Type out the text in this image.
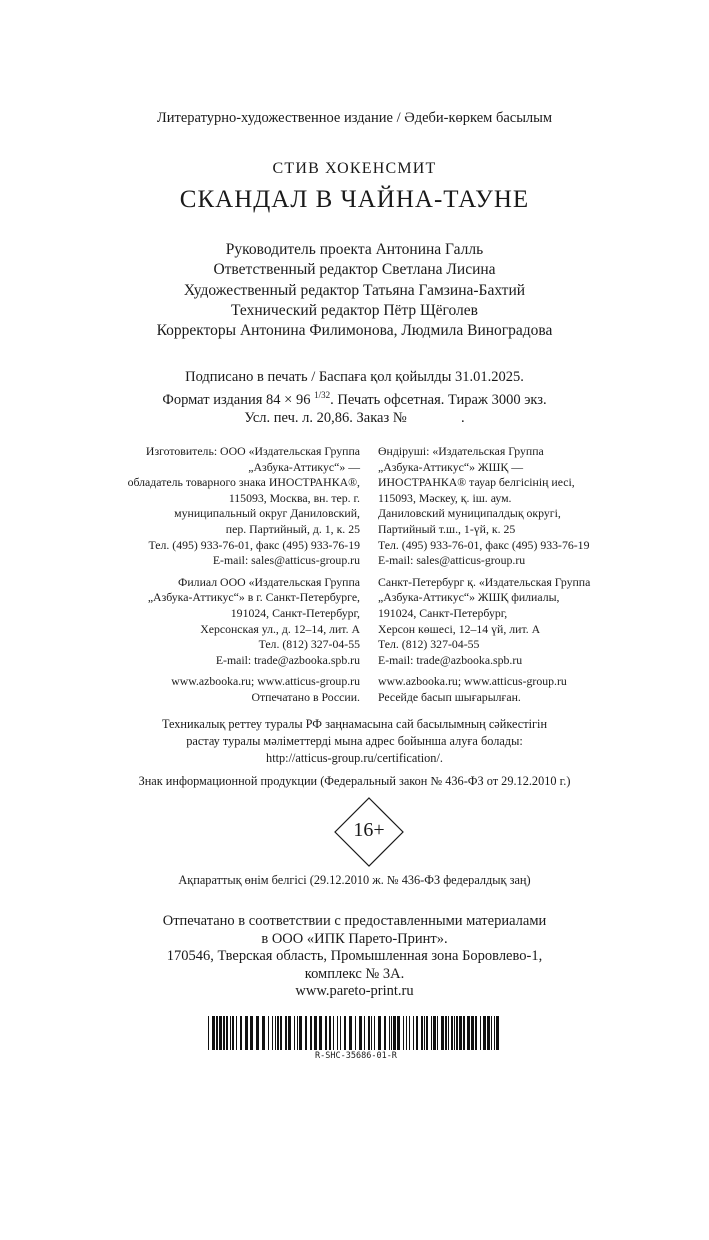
Литературно-художественное издание / Әдеби-көркем басылым
СТИВ ХОКЕНСМИТ
СКАНДАЛ В ЧАЙНА-ТАУНЕ
Руководитель проекта Антонина Галль
Ответственный редактор Светлана Лисина
Художественный редактор Татьяна Гамзина-Бахтий
Технический редактор Пётр Щёголев
Корректоры Антонина Филимонова, Людмила Виноградова
Подписано в печать / Баспаға қол қойылды 31.01.2025.
Формат издания 84 × 96 $^{1/32}$. Печать офсетная. Тираж 3000 экз.
Усл. печ. л. 20,86. Заказ №               .
Изготовитель: ООО «Издательская Группа
„Азбука-Аттикус“» —
обладатель товарного знака ИНОСТРАНКА®,
115093, Москва, вн. тер. г.
муниципальный округ Даниловский,
пер. Партийный, д. 1, к. 25
Тел. (495) 933-76-01, факс (495) 933-76-19
E-mail: sales@atticus-group.ru
Филиал ООО «Издательская Группа
„Азбука-Аттикус“» в г. Санкт-Петербурге,
191024, Санкт-Петербург,
Херсонская ул., д. 12–14, лит. А
Тел. (812) 327-04-55
E-mail: trade@azbooka.spb.ru
www.azbooka.ru; www.atticus-group.ru
Отпечатано в России.
Өндіруші: «Издательская Группа
„Азбука-Аттикус“» ЖШҚ —
ИНОСТРАНКА® тауар белгісінің иесі,
115093, Мәскеу, қ. іш. аум.
Даниловский муниципалдық округі,
Партийный т.ш., 1-үй, к. 25
Тел. (495) 933-76-01, факс (495) 933-76-19
E-mail: sales@atticus-group.ru
Санкт-Петербург қ. «Издательская Группа
„Азбука-Аттикус“» ЖШҚ филиалы,
191024, Санкт-Петербург,
Херсон көшесі, 12–14 үй, лит. А
Тел. (812) 327-04-55
E-mail: trade@azbooka.spb.ru
www.azbooka.ru; www.atticus-group.ru
Ресейде басып шығарылған.
Техникалық реттеу туралы РФ заңнамасына сай басылымның сәйкестігін
растау туралы мәліметтерді мына адрес бойынша алуға болады:
http://atticus-group.ru/certification/.
Знак информационной продукции (Федеральный закон № 436-ФЗ от 29.12.2010 г.)
16+
Ақпараттық өнім белгісі (29.12.2010 ж. № 436-ФЗ федералдық заң)
Отпечатано в соответствии с предоставленными материалами
в ООО «ИПК Парето-Принт».
170546, Тверская область, Промышленная зона Боровлево-1,
комплекс № 3А.
www.pareto-print.ru
R-SHC-35686-01-R
